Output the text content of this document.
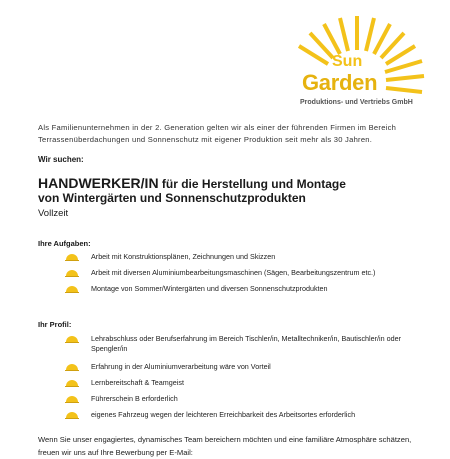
Sun
Garden
Produktions- und Vertriebs GmbH
Als Familienunternehmen in der 2. Generation gelten wir als einer der führenden Firmen im Bereich Terrassenüberdachungen und Sonnenschutz mit eigener Produktion seit mehr als 30 Jahren.
Wir suchen:
HANDWERKER/IN für die Herstellung und Montage
von Wintergärten und Sonnenschutzprodukten
Vollzeit
Ihre Aufgaben:
Arbeit mit Konstruktionsplänen, Zeichnungen und Skizzen
Arbeit mit diversen Aluminiumbearbeitungsmaschinen (Sägen, Bearbeitungszentrum etc.)
Montage von Sommer/Wintergärten und diversen Sonnenschutzprodukten
Ihr Profil:
Lehrabschluss oder Berufserfahrung im Bereich Tischler/in, Metalltechniker/in, Bautischler/in oder Spengler/in
Erfahrung in der Aluminiumverarbeitung wäre von Vorteil
Lernbereitschaft & Teamgeist
Führerschein B erforderlich
eigenes Fahrzeug wegen der leichteren Erreichbarkeit des Arbeitsortes erforderlich
Wenn Sie unser engagiertes, dynamisches Team bereichern möchten und eine familiäre Atmosphäre schätzen,
freuen wir uns auf Ihre Bewerbung per E-Mail:
